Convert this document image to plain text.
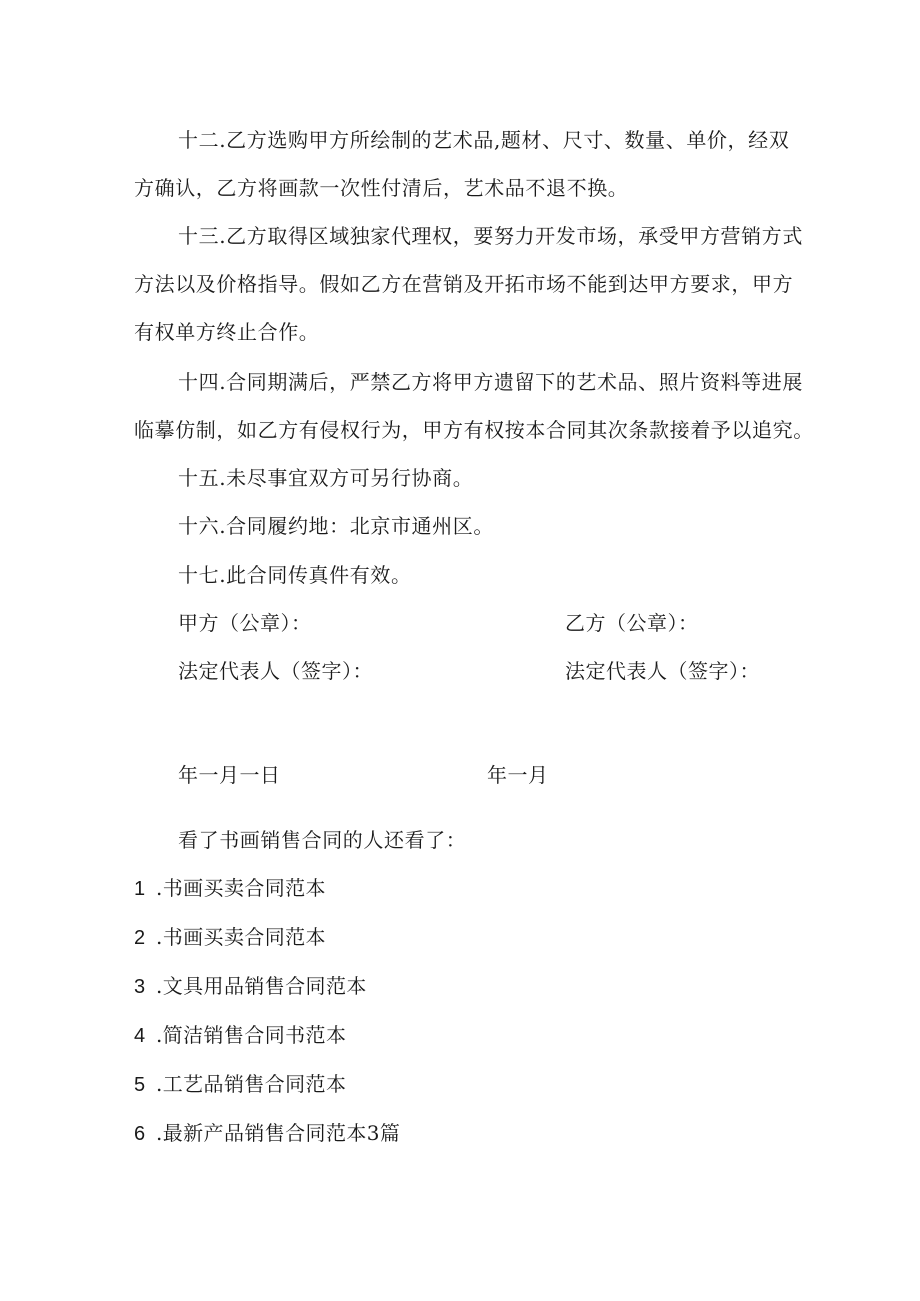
十二.乙方选购甲方所绘制的艺术品,题材、尺寸、数量、单价，经双
方确认，乙方将画款一次性付清后，艺术品不退不换。
十三.乙方取得区域独家代理权，要努力开发市场，承受甲方营销方式
方法以及价格指导。假如乙方在营销及开拓市场不能到达甲方要求，甲方
有权单方终止合作。
十四.合同期满后，严禁乙方将甲方遗留下的艺术品、照片资料等进展
临摹仿制，如乙方有侵权行为，甲方有权按本合同其次条款接着予以追究。
十五.未尽事宜双方可另行协商。
十六.合同履约地：北京市通州区。
十七.此合同传真件有效。
甲方（公章）：	乙方（公章）：
法定代表人（签字）：	法定代表人（签字）：
年一月一日	年一月
看了书画销售合同的人还看了：
1 .书画买卖合同范本
2 .书画买卖合同范本
3 .文具用品销售合同范本
4 .简洁销售合同书范本
5 .工艺品销售合同范本
6 .最新产品销售合同范本3篇
